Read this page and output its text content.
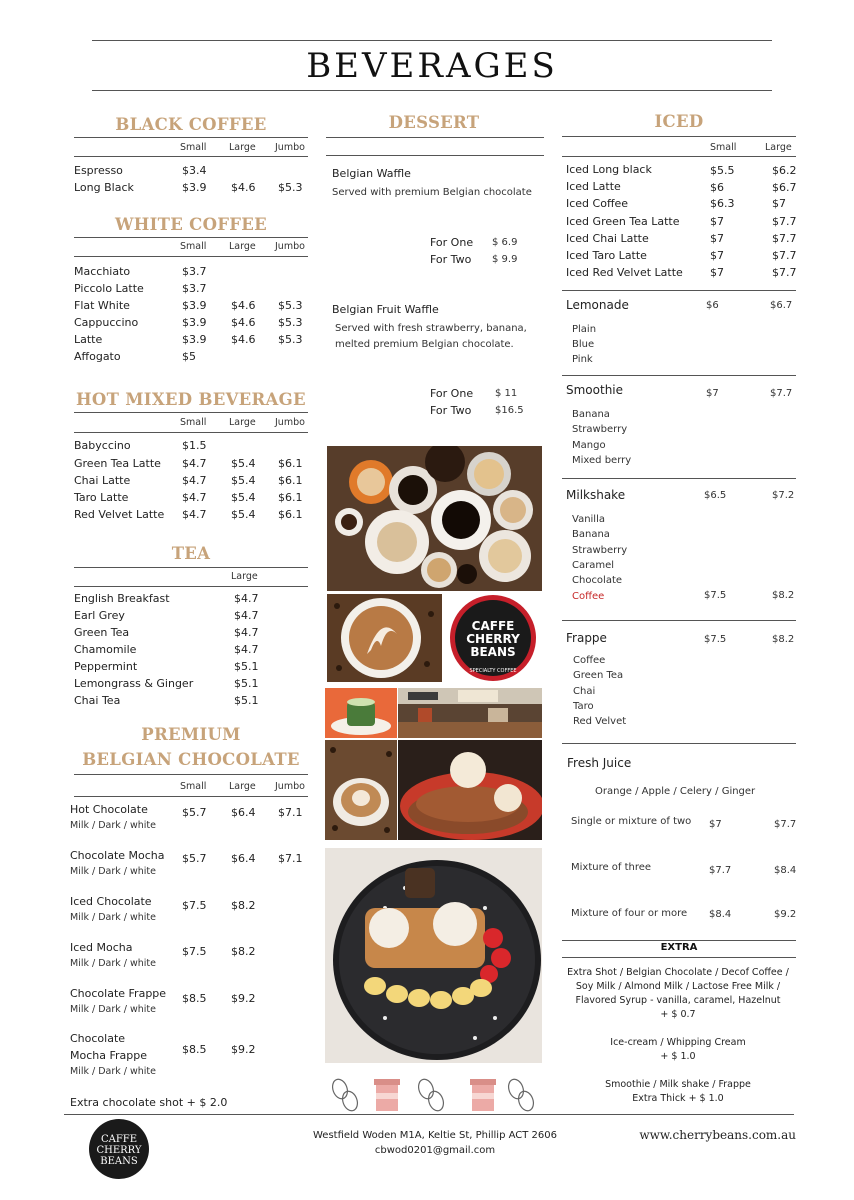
BEVERAGES
BLACK COFFEE
Small Large Jumbo
Espresso	$3.4
Long Black	$3.9 $4.6 $5.3
WHITE COFFEE
Small Large Jumbo
Macchiato	$3.7
Piccolo Latte	$3.7
Flat White	$3.9 $4.6 $5.3
Cappuccino	$3.9 $4.6 $5.3
Latte	$3.9 $4.6 $5.3
Affogato	$5
HOT MIXED BEVERAGE
Small Large Jumbo
Babyccino	$1.5
Green Tea Latte $4.7 $5.4 $6.1
Chai Latte	$4.7 $5.4 $6.1
Taro Latte	$4.7 $5.4 $6.1
Red Velvet Latte $4.7 $5.4 $6.1
TEA
Large
English Breakfast	$4.7
Earl Grey	$4.7
Green Tea	$4.7
Chamomile	$4.7
Peppermint	$5.1
Lemongrass & Ginger	$5.1
Chai Tea	$5.1
PREMIUM
BELGIAN CHOCOLATE
Small Large Jumbo
Hot Chocolate	$5.7 $6.4 $7.1
Milk / Dark / white
Chocolate Mocha $5.7 $6.4 $7.1
Milk / Dark / white
Iced Chocolate	$7.5 $8.2
Milk / Dark / white
Iced Mocha	$7.5 $8.2
Milk / Dark / white
Chocolate Frappe $8.5 $9.2
Milk / Dark / white
Chocolate
Mocha Frappe	$8.5 $9.2
Milk / Dark / white
Extra chocolate shot + $ 2.0
DESSERT
Belgian Waffle
Served with premium Belgian chocolate
For One $ 6.9
For Two $ 9.9
Belgian Fruit Waffle
Served with fresh strawberry, banana,
melted premium Belgian chocolate.
For One $ 11
For Two $16.5
CAFFE
CHERRY
BEANS
SPECIALTY COFFEE
ICED
Small	Large
Iced Long black	$5.5	$6.2
Iced Latte	$6	$6.7
Iced Coffee	$6.3	$7
Iced Green Tea Latte	$7	$7.7
Iced Chai Latte	$7	$7.7
Iced Taro Latte	$7	$7.7
Iced Red Velvet Latte $7	$7.7
Lemonade	$6	$6.7
Plain
Blue
Pink
Smoothie	$7	$7.7
Banana
Strawberry
Mango
Mixed berry
Milkshake	$6.5	$7.2
Vanilla
Banana
Strawberry
Caramel
Chocolate
Coffee	$7.5	$8.2
Frappe	$7.5	$8.2
Coffee
Green Tea
Chai
Taro
Red Velvet
Fresh Juice
Orange / Apple / Celery / Ginger
Single or mixture of two $7	$7.7
Mixture of three	$7.7	$8.4
Mixture of four or more $8.4	$9.2
EXTRA
Extra Shot / Belgian Chocolate / Decof Coffee /
Soy Milk / Almond Milk / Lactose Free Milk /
Flavored Syrup - vanilla, caramel, Hazelnut
+ $ 0.7
Ice-cream / Whipping Cream
+ $ 1.0
Smoothie / Milk shake / Frappe
Extra Thick + $ 1.0
CAFFE
CHERRY
BEANS
Westfield Woden M1A, Keltie St, Phillip ACT 2606
cbwod0201@gmail.com
www.cherrybeans.com.au
